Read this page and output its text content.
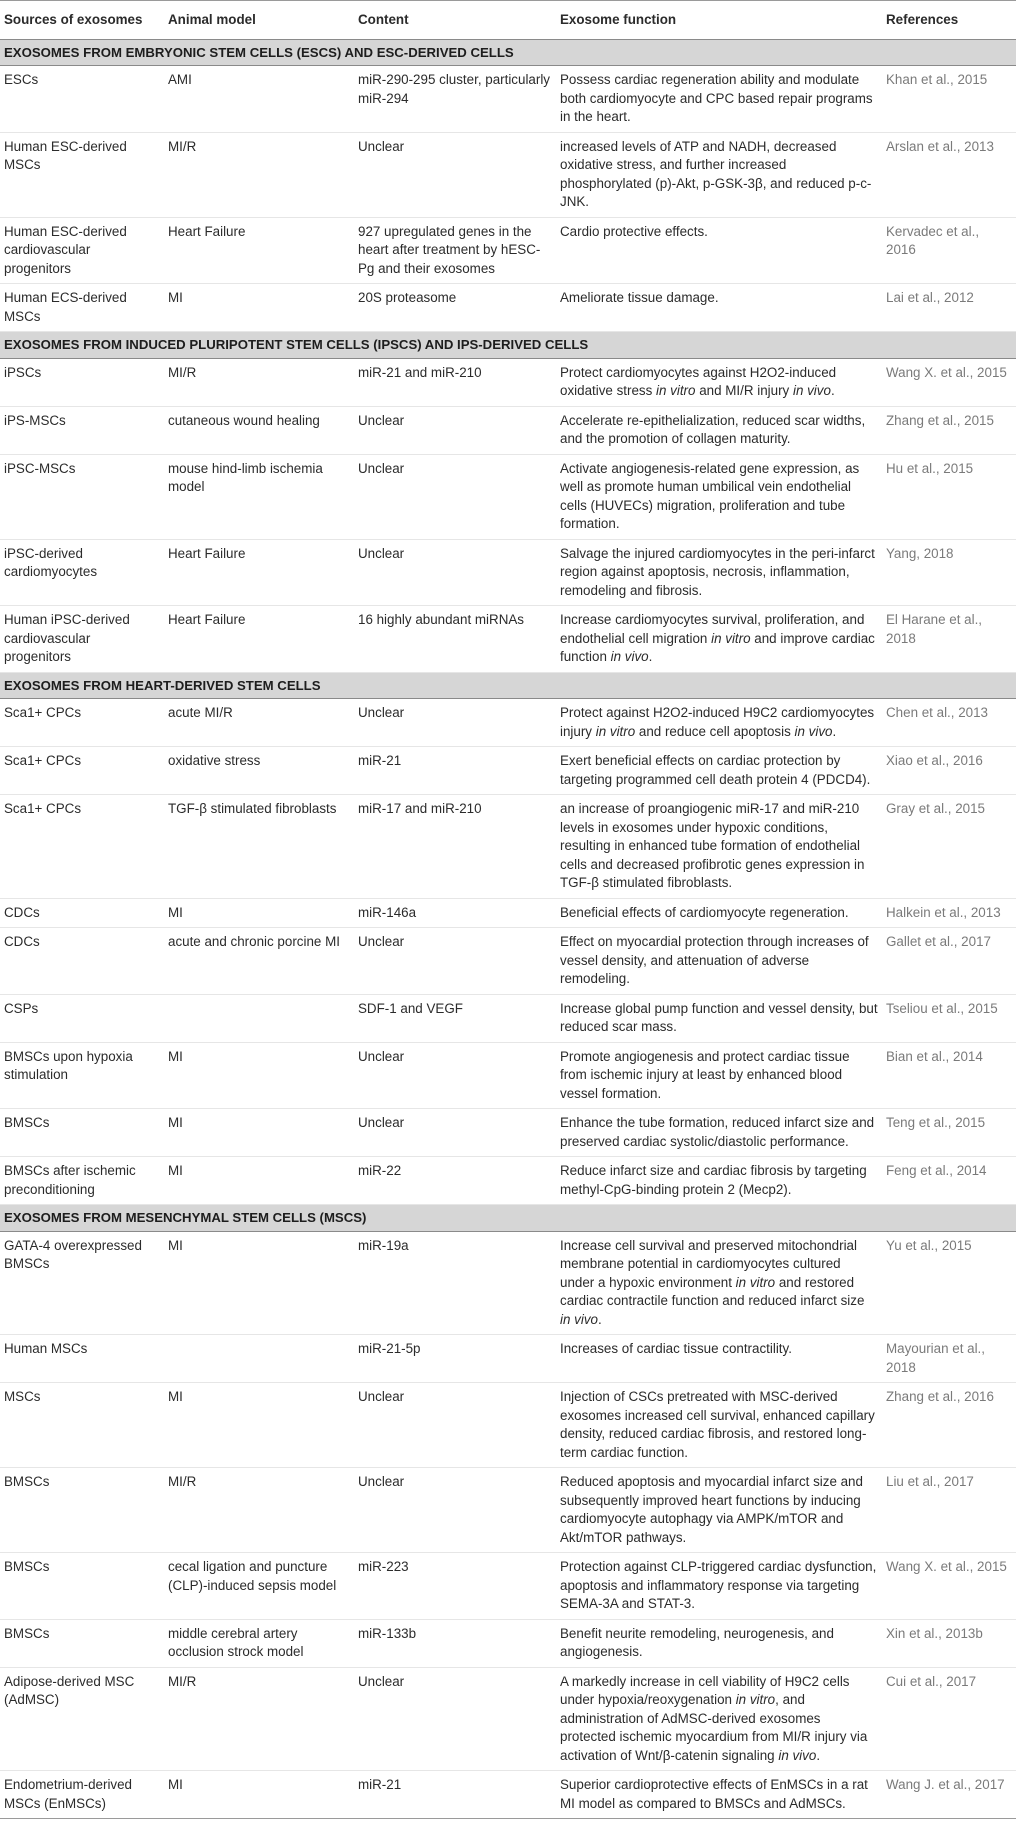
Sources of exosomes	Animal model	Content	Exosome function	References
EXOSOMES FROM EMBRYONIC STEM CELLS (ESCS) AND ESC-DERIVED CELLS				
ESCs	AMI	miR-290-295 cluster, particularly miR-294	Possess cardiac regeneration ability and modulate both cardiomyocyte and CPC based repair programs in the heart.	Khan et al., 2015
Human ESC-derived MSCs	MI/R	Unclear	increased levels of ATP and NADH, decreased oxidative stress, and further increased phosphorylated (p)-Akt, p-GSK-3β, and reduced p-c-JNK.	Arslan et al., 2013
Human ESC-derived cardiovascular progenitors	Heart Failure	927 upregulated genes in the heart after treatment by hESC-Pg and their exosomes	Cardio protective effects.	Kervadec et al., 2016
Human ECS-derived MSCs	MI	20S proteasome	Ameliorate tissue damage.	Lai et al., 2012
EXOSOMES FROM INDUCED PLURIPOTENT STEM CELLS (IPSCS) AND IPS-DERIVED CELLS				
iPSCs	MI/R	miR-21 and miR-210	Protect cardiomyocytes against H2O2-induced oxidative stress in vitro and MI/R injury in vivo.	Wang X. et al., 2015
iPS-MSCs	cutaneous wound healing	Unclear	Accelerate re-epithelialization, reduced scar widths, and the promotion of collagen maturity.	Zhang et al., 2015
iPSC-MSCs	mouse hind-limb ischemia model	Unclear	Activate angiogenesis-related gene expression, as well as promote human umbilical vein endothelial cells (HUVECs) migration, proliferation and tube formation.	Hu et al., 2015
iPSC-derived cardiomyocytes	Heart Failure	Unclear	Salvage the injured cardiomyocytes in the peri-infarct region against apoptosis, necrosis, inflammation, remodeling and fibrosis.	Yang, 2018
Human iPSC-derived cardiovascular progenitors	Heart Failure	16 highly abundant miRNAs	Increase cardiomyocytes survival, proliferation, and endothelial cell migration in vitro and improve cardiac function in vivo.	El Harane et al., 2018
EXOSOMES FROM HEART-DERIVED STEM CELLS				
Sca1+ CPCs	acute MI/R	Unclear	Protect against H2O2-induced H9C2 cardiomyocytes injury in vitro and reduce cell apoptosis in vivo.	Chen et al., 2013
Sca1+ CPCs	oxidative stress	miR-21	Exert beneficial effects on cardiac protection by targeting programmed cell death protein 4 (PDCD4).	Xiao et al., 2016
Sca1+ CPCs	TGF-β stimulated fibroblasts	miR-17 and miR-210	an increase of proangiogenic miR-17 and miR-210 levels in exosomes under hypoxic conditions, resulting in enhanced tube formation of endothelial cells and decreased profibrotic genes expression in TGF-β stimulated fibroblasts.	Gray et al., 2015
CDCs	MI	miR-146a	Beneficial effects of cardiomyocyte regeneration.	Halkein et al., 2013
CDCs	acute and chronic porcine MI	Unclear	Effect on myocardial protection through increases of vessel density, and attenuation of adverse remodeling.	Gallet et al., 2017
CSPs		SDF-1 and VEGF	Increase global pump function and vessel density, but reduced scar mass.	Tseliou et al., 2015
BMSCs upon hypoxia stimulation	MI	Unclear	Promote angiogenesis and protect cardiac tissue from ischemic injury at least by enhanced blood vessel formation.	Bian et al., 2014
BMSCs	MI	Unclear	Enhance the tube formation, reduced infarct size and preserved cardiac systolic/diastolic performance.	Teng et al., 2015
BMSCs after ischemic preconditioning	MI	miR-22	Reduce infarct size and cardiac fibrosis by targeting methyl-CpG-binding protein 2 (Mecp2).	Feng et al., 2014
EXOSOMES FROM MESENCHYMAL STEM CELLS (MSCS)				
GATA-4 overexpressed BMSCs	MI	miR-19a	Increase cell survival and preserved mitochondrial membrane potential in cardiomyocytes cultured under a hypoxic environment in vitro and restored cardiac contractile function and reduced infarct size in vivo.	Yu et al., 2015
Human MSCs		miR-21-5p	Increases of cardiac tissue contractility.	Mayourian et al., 2018
MSCs	MI	Unclear	Injection of CSCs pretreated with MSC-derived exosomes increased cell survival, enhanced capillary density, reduced cardiac fibrosis, and restored long-term cardiac function.	Zhang et al., 2016
BMSCs	MI/R	Unclear	Reduced apoptosis and myocardial infarct size and subsequently improved heart functions by inducing cardiomyocyte autophagy via AMPK/mTOR and Akt/mTOR pathways.	Liu et al., 2017
BMSCs	cecal ligation and puncture (CLP)-induced sepsis model	miR-223	Protection against CLP-triggered cardiac dysfunction, apoptosis and inflammatory response via targeting SEMA-3A and STAT-3.	Wang X. et al., 2015
BMSCs	middle cerebral artery occlusion strock model	miR-133b	Benefit neurite remodeling, neurogenesis, and angiogenesis.	Xin et al., 2013b
Adipose-derived MSC (AdMSC)	MI/R	Unclear	A markedly increase in cell viability of H9C2 cells under hypoxia/reoxygenation in vitro, and administration of AdMSC-derived exosomes protected ischemic myocardium from MI/R injury via activation of Wnt/β-catenin signaling in vivo.	Cui et al., 2017
Endometrium-derived MSCs (EnMSCs)	MI	miR-21	Superior cardioprotective effects of EnMSCs in a rat MI model as compared to BMSCs and AdMSCs.	Wang J. et al., 2017
